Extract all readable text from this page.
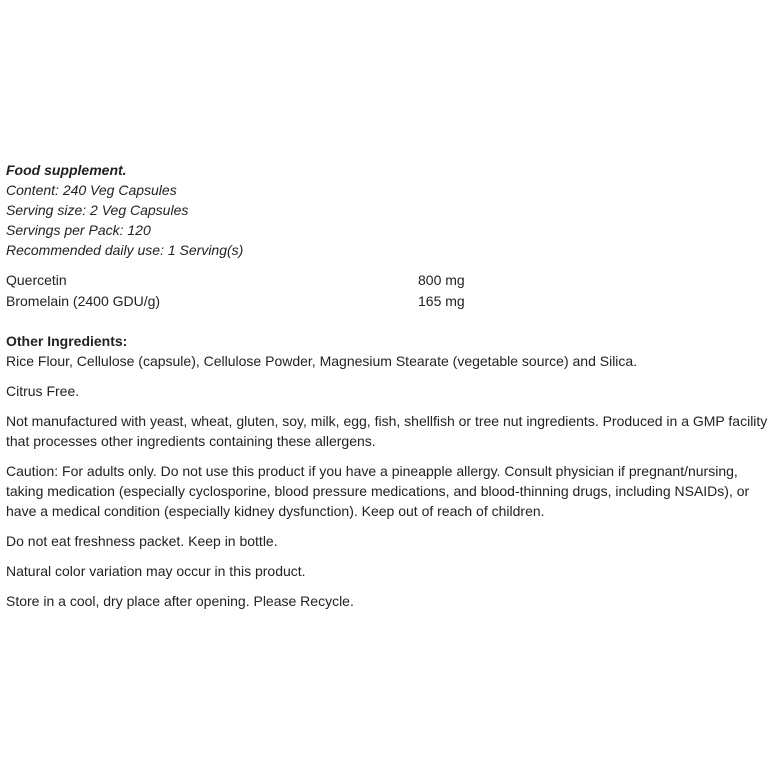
Food supplement.
Content: 240 Veg Capsules
Serving size: 2 Veg Capsules
Servings per Pack: 120
Recommended daily use: 1 Serving(s)
Quercetin	800 mg
Bromelain (2400 GDU/g)	165 mg
Other Ingredients:
Rice Flour, Cellulose (capsule), Cellulose Powder, Magnesium Stearate (vegetable source) and Silica.

Citrus Free.

Not manufactured with yeast, wheat, gluten, soy, milk, egg, fish, shellfish or tree nut ingredients. Produced in a GMP facility that processes other ingredients containing these allergens.

Caution: For adults only. Do not use this product if you have a pineapple allergy. Consult physician if pregnant/nursing, taking medication (especially cyclosporine, blood pressure medications, and blood-thinning drugs, including NSAIDs), or have a medical condition (especially kidney dysfunction). Keep out of reach of children.

Do not eat freshness packet. Keep in bottle.

Natural color variation may occur in this product.

Store in a cool, dry place after opening. Please Recycle.
